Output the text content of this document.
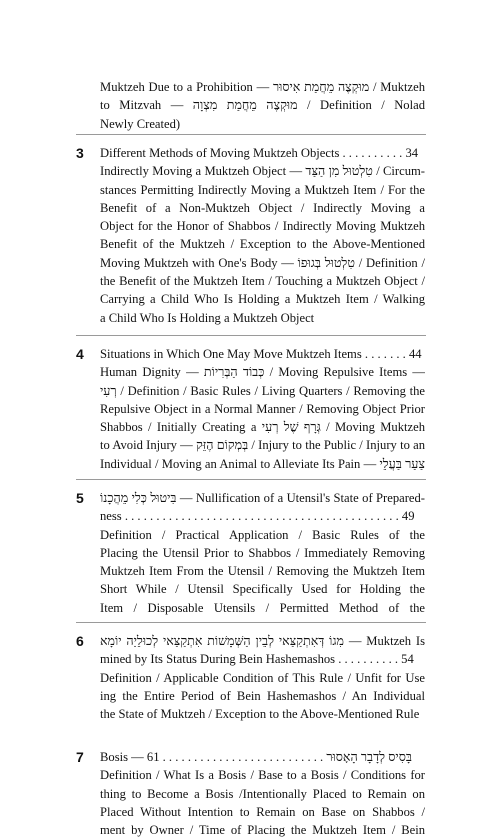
Muktzeh Due to a Prohibition — מוּקְצֶה מֵחֲמַת אִיסוּר / Muktzeh
to Mitzvah — מוּקְצֶה מֵחֲמַת מִצְוָה / Definition / Nolad
Newly Created)
3 Different Methods of Moving Muktzeh Objects . . . . . . . . . . 34
Indirectly Moving a Muktzeh Object — טִלְטוּל מִן הַצַּד / Circum-
stances Permitting Indirectly Moving a Muktzeh Item / For the
Benefit of a Non-Muktzeh Object / Indirectly Moving a
Object for the Honor of Shabbos / Indirectly Moving Muktzeh
Benefit of the Muktzeh / Exception to the Above-Mentioned
Moving Muktzeh with One's Body — טִלְטוּל בְּגוּפוֹ / Definition /
the Benefit of the Muktzeh Item / Touching a Muktzeh Object /
Carrying a Child Who Is Holding a Muktzeh Item / Walking
a Child Who Is Holding a Muktzeh Object
4 Situations in Which One May Move Muktzeh Items . . . . . . . 44
Human Dignity — כְּבוֹד הַבְּרִיוֹת / Moving Repulsive Items —
רְעִי / Definition / Basic Rules / Living Quarters / Removing the
Repulsive Object in a Normal Manner / Removing Object Prior
Shabbos / Initially Creating a גְּרָף שֶׁל רְעִי / Moving Muktzeh
to Avoid Injury — בְּמְקוֹם הֶזֵּק / Injury to the Public / Injury to an
Individual / Moving an Animal to Alleviate Its Pain — צַעַר בַּעֲלֵי
5 בִּיטוּל כְּלִי מֵהֲכָנוֹ — Nullification of a Utensil's State of Prepared-
ness . . . . . . . . . . . . . . . . . . . . . . . . . . . . . . . . . . . . . . . . . . . . 49
Definition / Practical Application / Basic Rules of the
Placing the Utensil Prior to Shabbos / Immediately Removing
Muktzeh Item From the Utensil / Removing the Muktzeh Item
Short While / Utensil Specifically Used for Holding the
Item / Disposable Utensils / Permitted Method of the
6	מִגוֹ דְּאִתְקַצַּאי לְבֵין הַשְּׁמָשׁוֹת אִתְקַצַּאי לְכוּלֵיַה יוֹמָא — Muktzeh Is
mined by Its Status During Bein Hashemashos . . . . . . . . . . 54
Definition / Applicable Condition of This Rule / Unfit for Use
ing the Entire Period of Bein Hashemashos / An Individual
the State of Muktzeh / Exception to the Above-Mentioned Rule
7 Bosis — בָּסִיס לְדָבָר הָאָסוּר . . . . . . . . . . . . . . . . . . . . . . . . . . 61
Definition / What Is a Bosis / Base to a Bosis / Conditions for
thing to Become a Bosis /Intentionally Placed to Remain on
Placed Without Intention to Remain on Base on Shabbos /
ment by Owner / Time of Placing the Muktzeh Item / Bein
